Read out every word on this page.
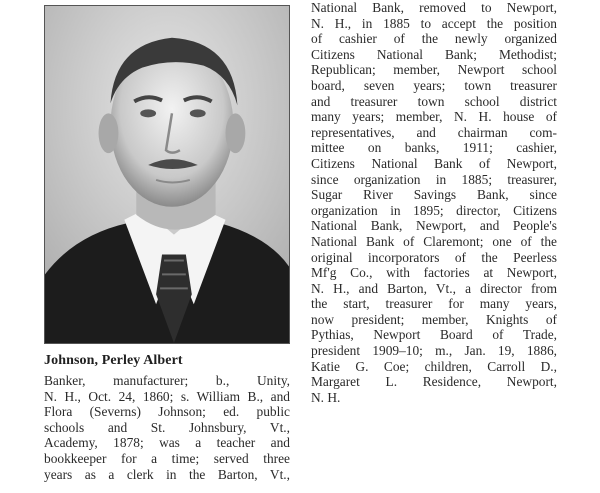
National Bank, removed to Newport,
N. H., in 1885 to accept the position
of cashier of the newly organized
Citizens National Bank; Methodist;
Republican; member, Newport school
board, seven years; town treasurer
and treasurer town school district
many years; member, N. H. house of
representatives, and chairman com-
mittee on banks, 1911; cashier,
Citizens National Bank of Newport,
since organization in 1885; treasurer,
Sugar River Savings Bank, since
organization in 1895; director, Citizens
National Bank, Newport, and People's
National Bank of Claremont; one of the
original incorporators of the Peerless
Mf'g Co., with factories at Newport,
N. H., and Barton, Vt., a director from
the start, treasurer for many years,
now president; member, Knights of
Pythias, Newport Board of Trade,
president 1909–10; m., Jan. 19, 1886,
Katie G. Coe; children, Carroll D.,
Margaret L. Residence, Newport,
N. H.
Johnson, Perley Albert
Banker, manufacturer; b., Unity,
N. H., Oct. 24, 1860; s. William B., and
Flora (Severns) Johnson; ed. public
schools and St. Johnsbury, Vt.,
Academy, 1878; was a teacher and
bookkeeper for a time; served three
years as a clerk in the Barton, Vt.,
